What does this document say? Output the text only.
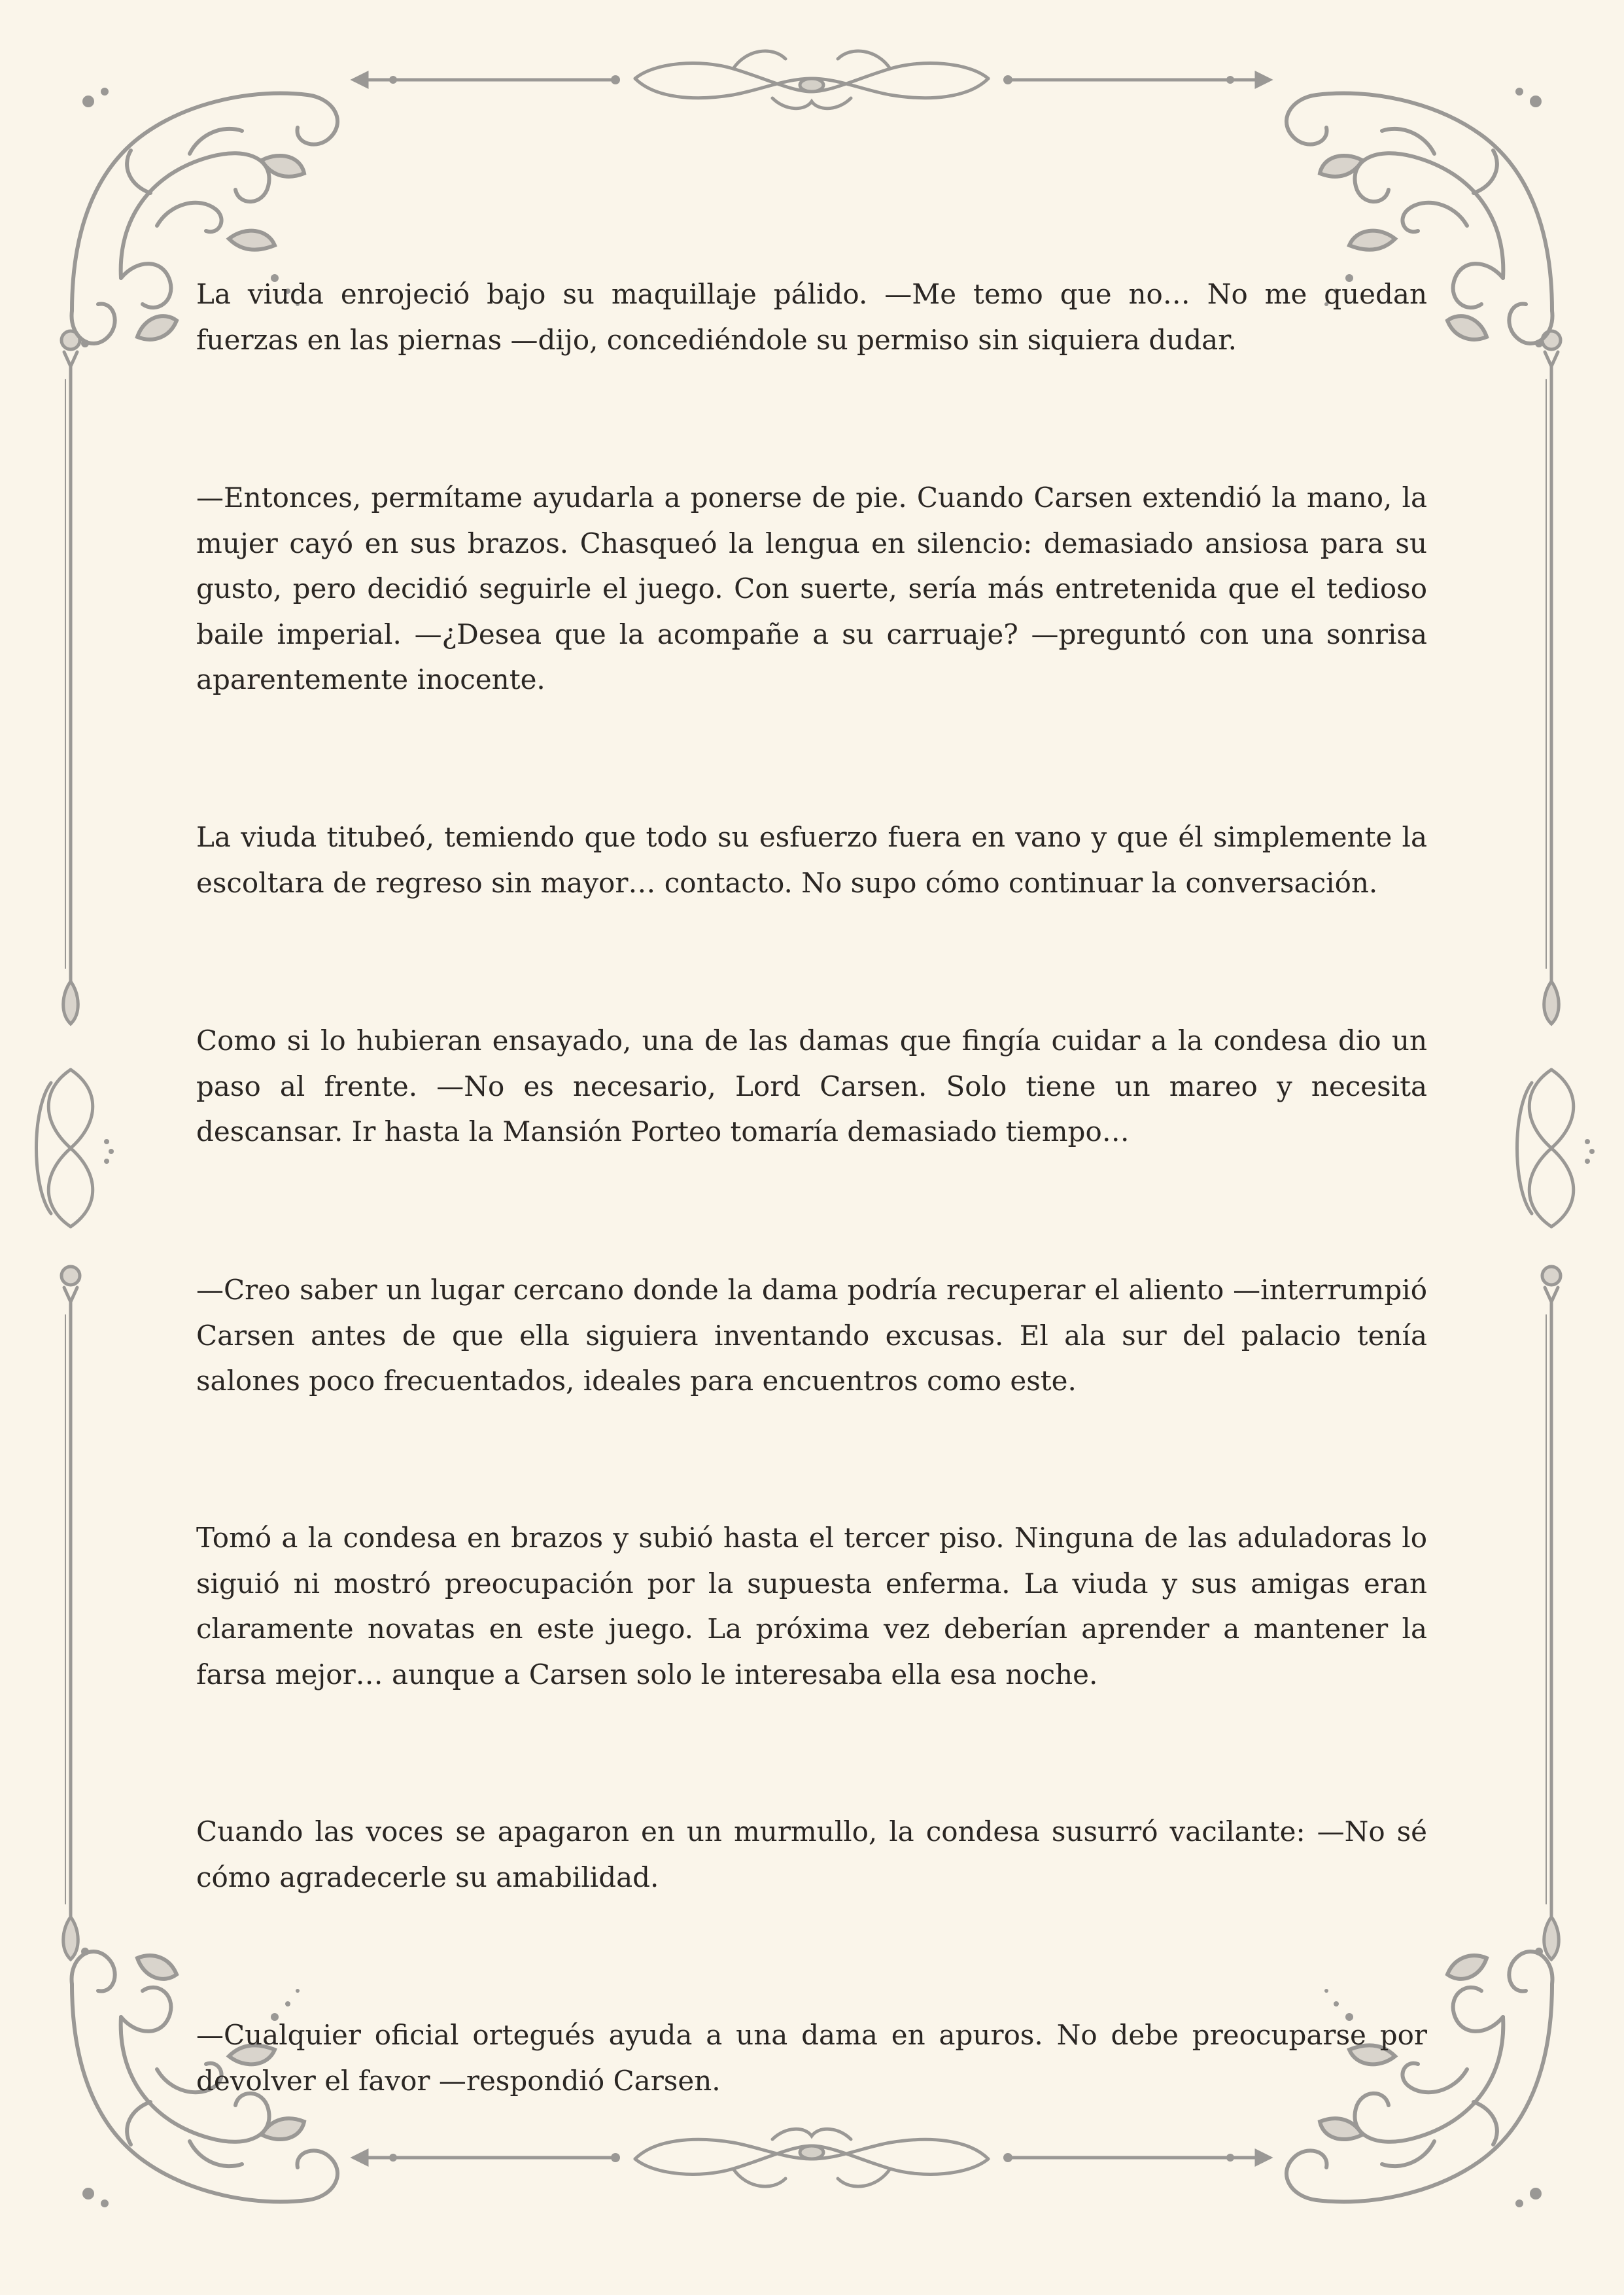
La viuda enrojeció bajo su maquillaje pálido. —Me temo que no… No me quedan fuerzas en las piernas —dijo, concediéndole su permiso sin siquiera dudar.

—Entonces, permítame ayudarla a ponerse de pie. Cuando Carsen extendió la mano, la mujer cayó en sus brazos. Chasqueó la lengua en silencio: demasiado ansiosa para su gusto, pero decidió seguirle el juego. Con suerte, sería más entretenida que el tedioso baile imperial. —¿Desea que la acompañe a su carruaje? —preguntó con una sonrisa aparentemente inocente.

La viuda titubeó, temiendo que todo su esfuerzo fuera en vano y que él simplemente la escoltara de regreso sin mayor… contacto. No supo cómo continuar la conversación.

Como si lo hubieran ensayado, una de las damas que fingía cuidar a la condesa dio un paso al frente. —No es necesario, Lord Carsen. Solo tiene un mareo y necesita descansar. Ir hasta la Mansión Porteo tomaría demasiado tiempo…

—Creo saber un lugar cercano donde la dama podría recuperar el aliento —interrumpió Carsen antes de que ella siguiera inventando excusas. El ala sur del palacio tenía salones poco frecuentados, ideales para encuentros como este.

Tomó a la condesa en brazos y subió hasta el tercer piso. Ninguna de las aduladoras lo siguió ni mostró preocupación por la supuesta enferma. La viuda y sus amigas eran claramente novatas en este juego. La próxima vez deberían aprender a mantener la farsa mejor… aunque a Carsen solo le interesaba ella esa noche.

Cuando las voces se apagaron en un murmullo, la condesa susurró vacilante: —No sé cómo agradecerle su amabilidad.

—Cualquier oficial ortegués ayuda a una dama en apuros. No debe preocuparse por devolver el favor —respondió Carsen.
